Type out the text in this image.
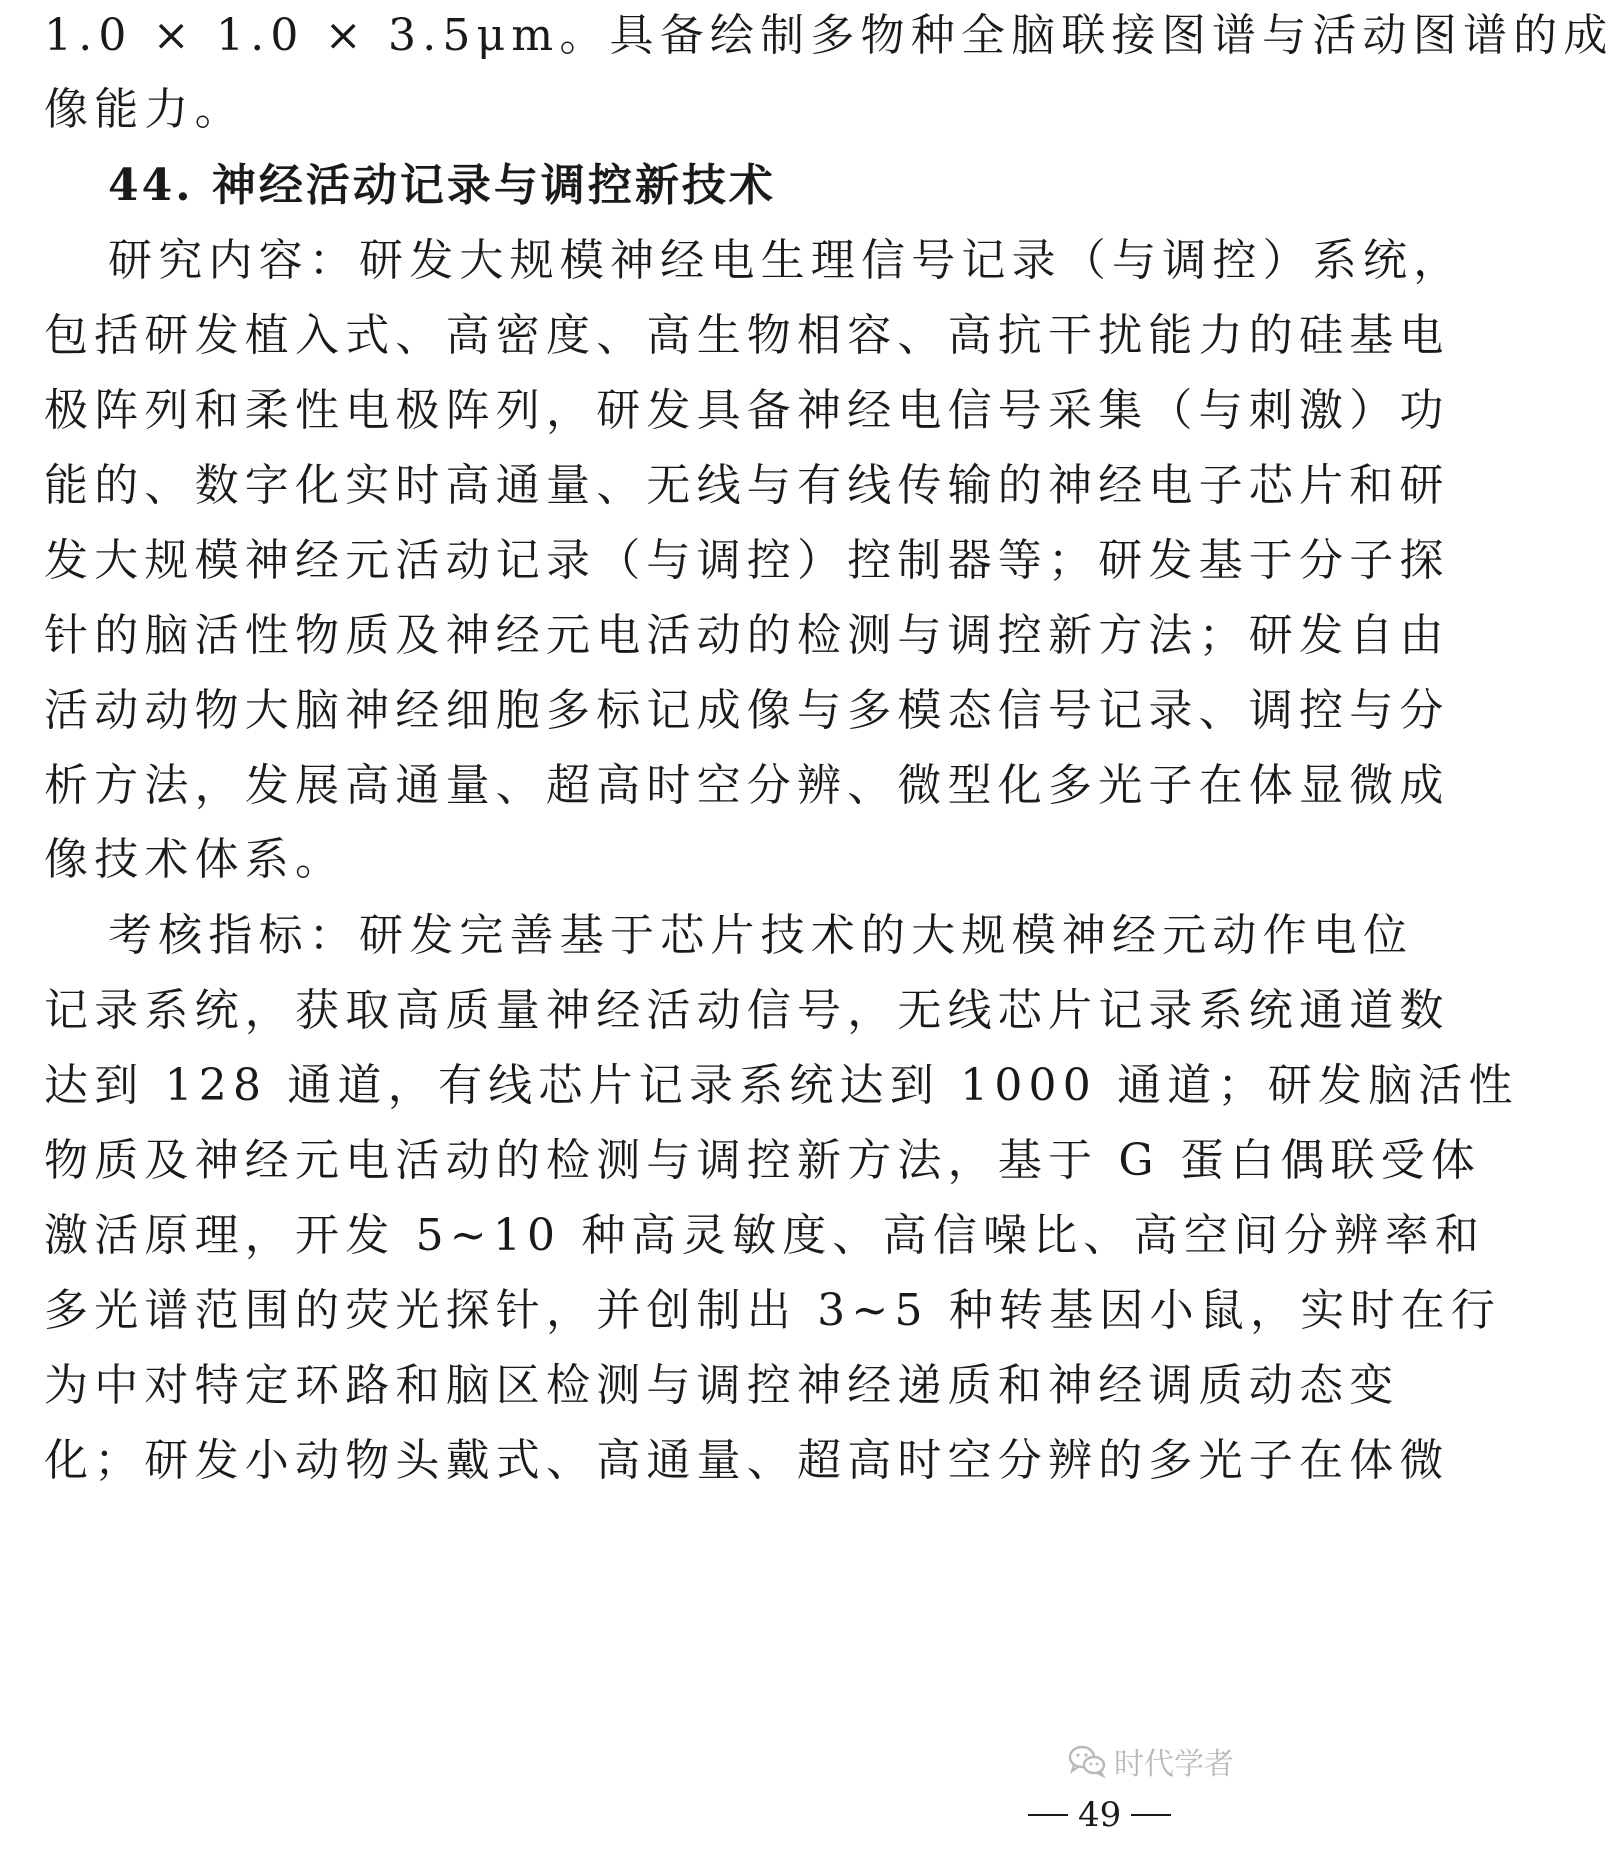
1.0 × 1.0 × 3.5μm。具备绘制多物种全脑联接图谱与活动图谱的成
像能力。
44. 神经活动记录与调控新技术
研究内容：研发大规模神经电生理信号记录（与调控）系统，
包括研发植入式、高密度、高生物相容、高抗干扰能力的硅基电
极阵列和柔性电极阵列，研发具备神经电信号采集（与刺激）功
能的、数字化实时高通量、无线与有线传输的神经电子芯片和研
发大规模神经元活动记录（与调控）控制器等；研发基于分子探
针的脑活性物质及神经元电活动的检测与调控新方法；研发自由
活动动物大脑神经细胞多标记成像与多模态信号记录、调控与分
析方法，发展高通量、超高时空分辨、微型化多光子在体显微成
像技术体系。
考核指标：研发完善基于芯片技术的大规模神经元动作电位
记录系统，获取高质量神经活动信号，无线芯片记录系统通道数
达到 128 通道，有线芯片记录系统达到 1000 通道；研发脑活性
物质及神经元电活动的检测与调控新方法，基于 G 蛋白偶联受体
激活原理，开发 5~10 种高灵敏度、高信噪比、高空间分辨率和
多光谱范围的荧光探针，并创制出 3~5 种转基因小鼠，实时在行
为中对特定环路和脑区检测与调控神经递质和神经调质动态变
化；研发小动物头戴式、高通量、超高时空分辨的多光子在体微
时代学者
49
